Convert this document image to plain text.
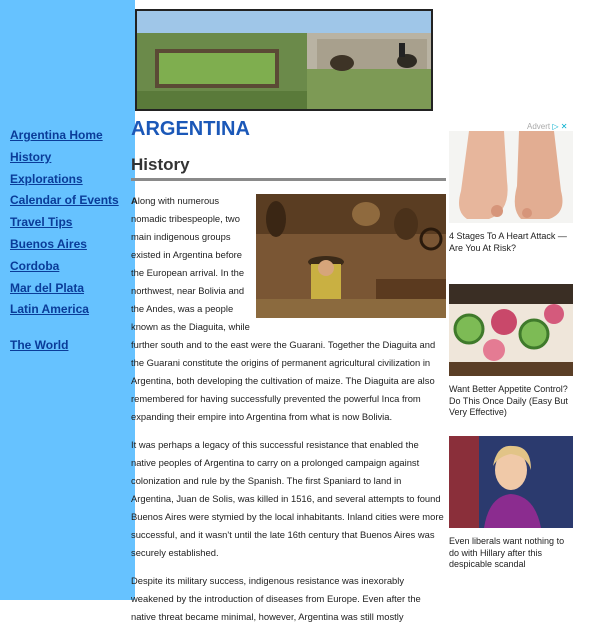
Argentina Home
History
Explorations
Calendar of Events
Travel Tips
Buenos Aires
Cordoba
Mar del Plata
Latin America
The World
ARGENTINA
History

Along with numerous nomadic tribespeople, two main indigenous groups existed in Argentina before the European arrival. In the northwest, near Bolivia and the Andes, was a people known as the Diaguita, while further south and to the east were the Guarani. Together the Diaguita and the Guarani constitute the origins of permanent agricultural civilization in Argentina, both developing the cultivation of maize. The Diaguita are also remembered for having successfully prevented the powerful Inca from expanding their empire into Argentina from what is now Bolivia.

It was perhaps a legacy of this successful resistance that enabled the native peoples of Argentina to carry on a prolonged campaign against colonization and rule by the Spanish. The first Spaniard to land in Argentina, Juan de Solis, was killed in 1516, and several attempts to found Buenos Aires were stymied by the local inhabitants. Inland cities were more successful, and it wasn't until the late 16th century that Buenos Aires was securely established.

Despite its military success, indigenous resistance was inexorably weakened by the introduction of diseases from Europe. Even after the native threat became minimal, however, Argentina was still mostly

Advert ▷ ✕
4 Stages To A Heart Attack — Are You At Risk?
Want Better Appetite Control? Do This Once Daily (Easy But Very Effective)
Even liberals want nothing to do with Hillary after this despicable scandal
